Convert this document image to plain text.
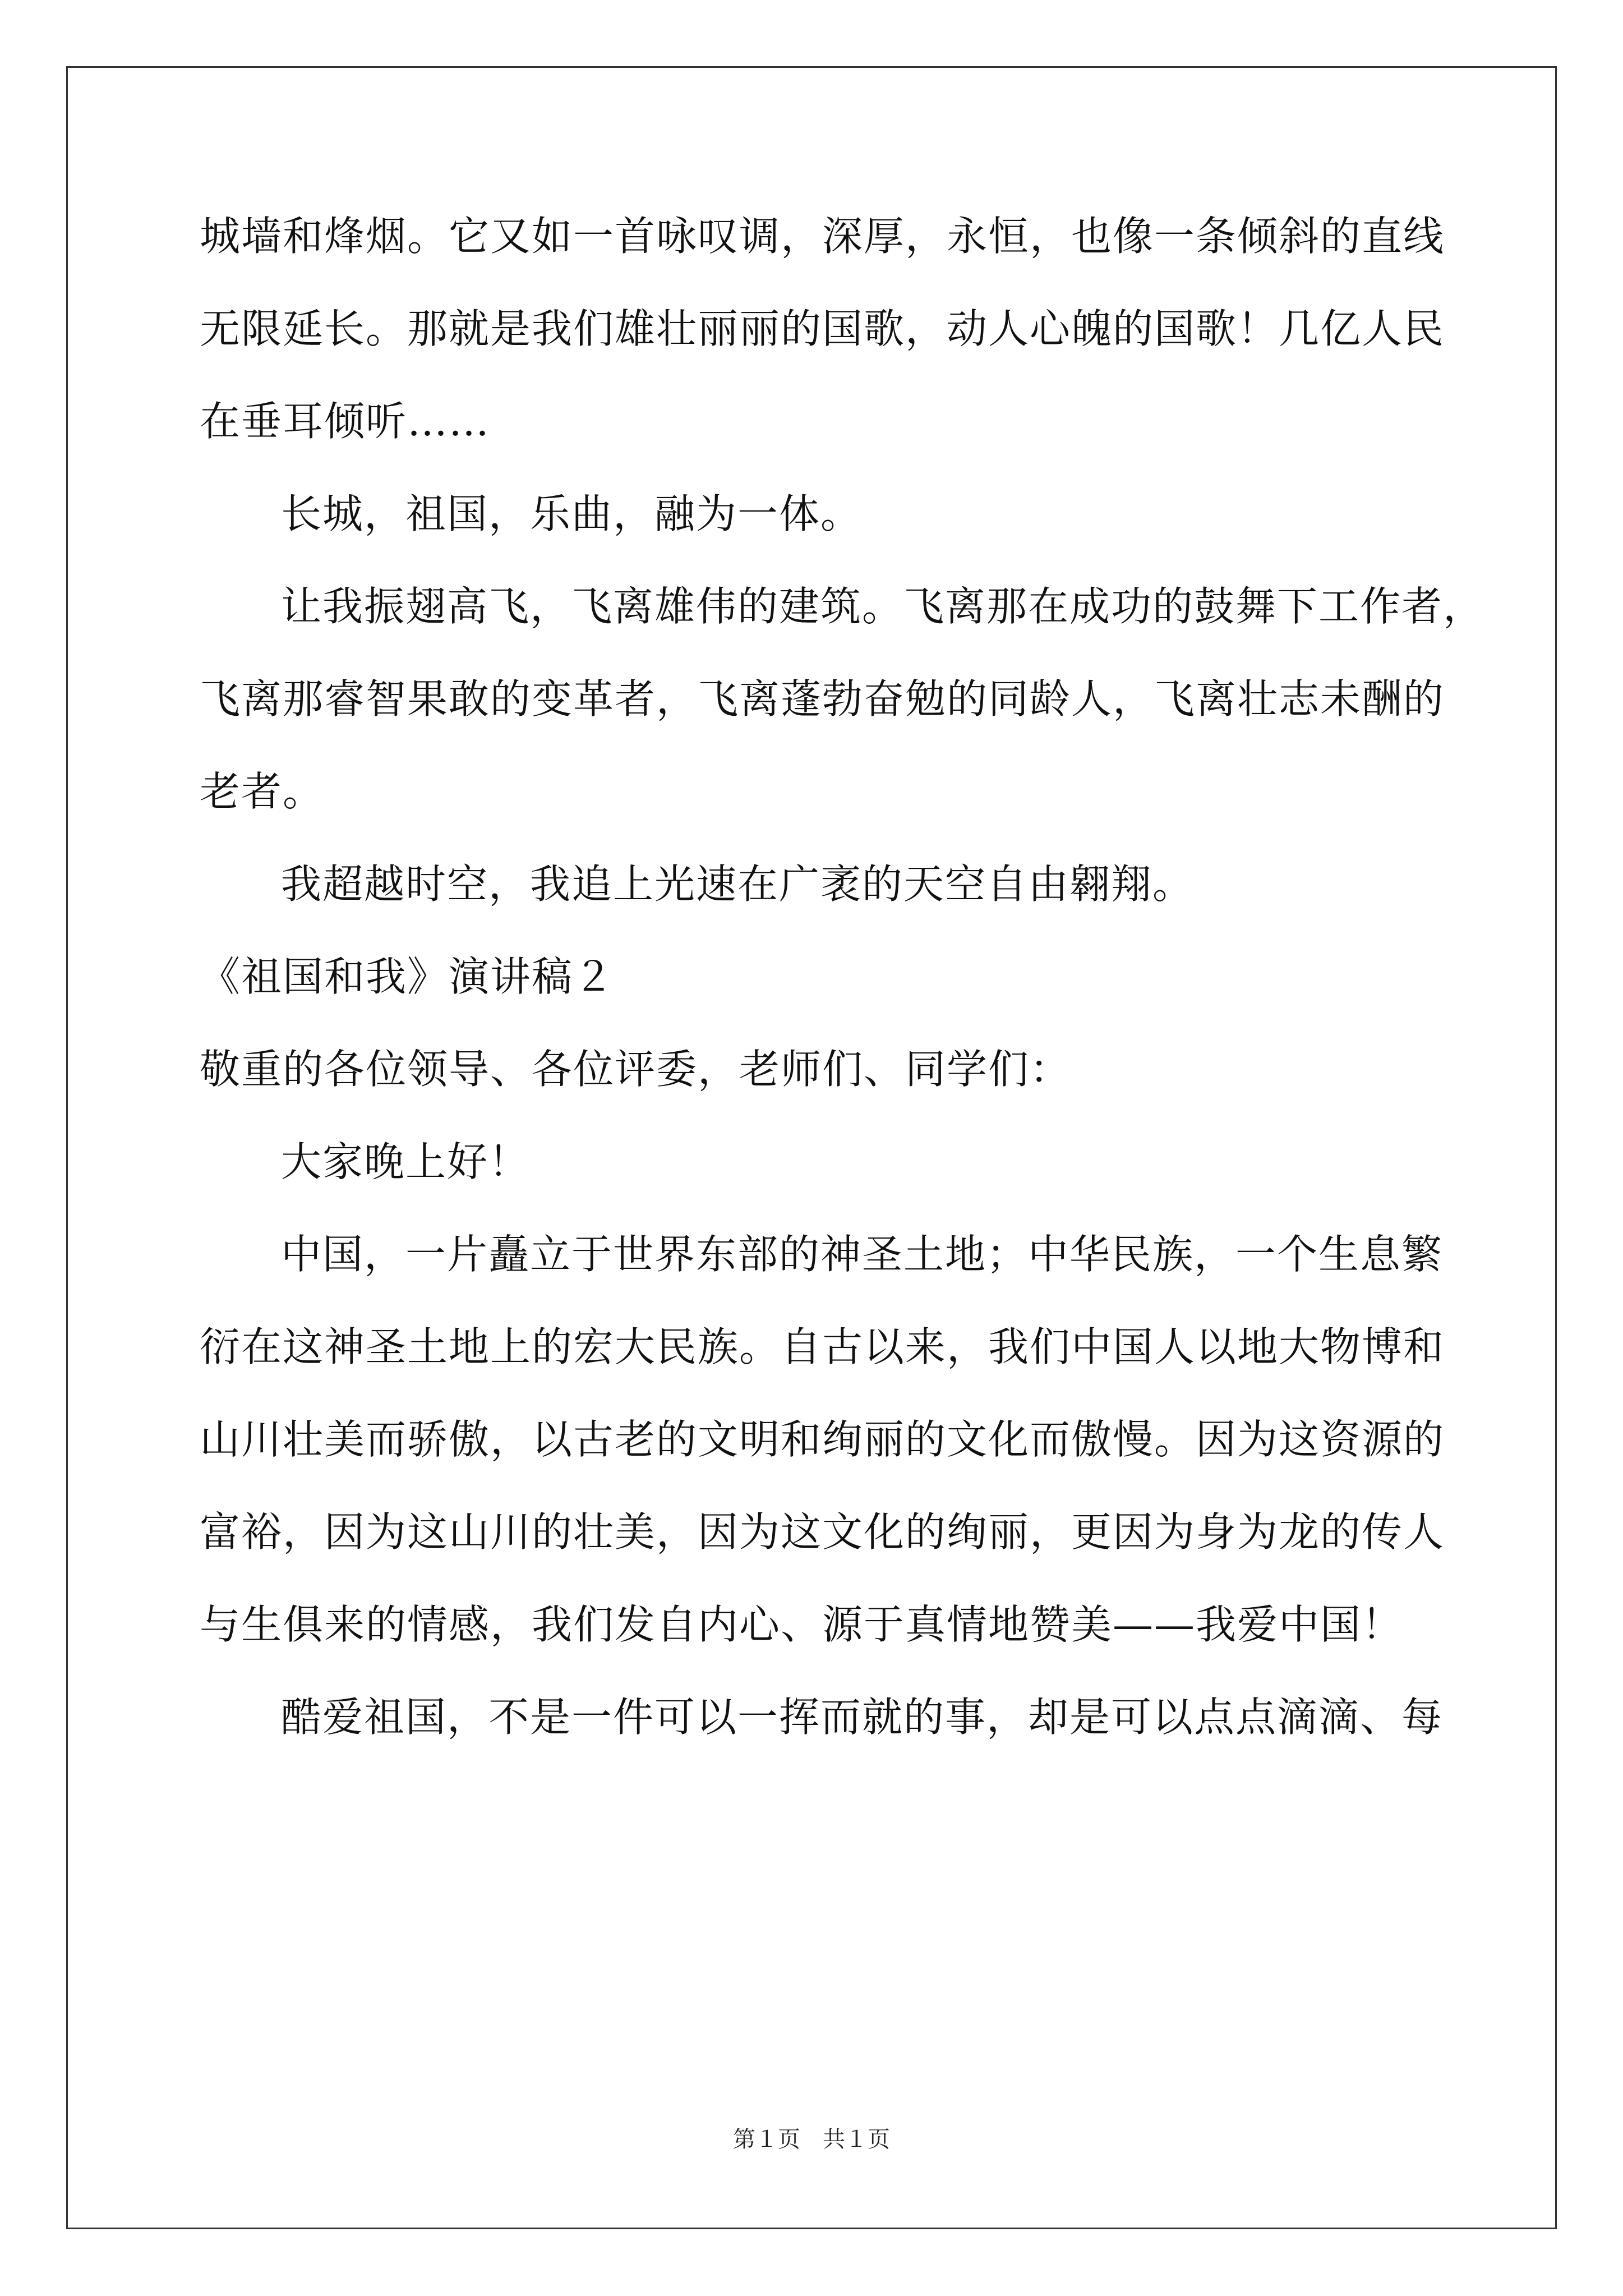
城墙和烽烟。它又如一首咏叹调，深厚，永恒，也像一条倾斜的直线
无限延长。那就是我们雄壮丽丽的国歌，动人心魄的国歌！几亿人民
在垂耳倾听……
长城，祖国，乐曲，融为一体。
让我振翅高飞，飞离雄伟的建筑。飞离那在成功的鼓舞下工作者，
飞离那睿智果敢的变革者，飞离蓬勃奋勉的同龄人，飞离壮志未酬的
老者。
我超越时空，我追上光速在广袤的天空自由翱翔。
《祖国和我》演讲稿２
敬重的各位领导、各位评委，老师们、同学们：
大家晚上好！
中国，一片矗立于世界东部的神圣土地；中华民族，一个生息繁
衍在这神圣土地上的宏大民族。自古以来，我们中国人以地大物博和
山川壮美而骄傲，以古老的文明和绚丽的文化而傲慢。因为这资源的
富裕，因为这山川的壮美，因为这文化的绚丽，更因为身为龙的传人
与生俱来的情感，我们发自内心、源于真情地赞美——我爱中国！
酷爱祖国，不是一件可以一挥而就的事，却是可以点点滴滴、每
第１页　共１页
